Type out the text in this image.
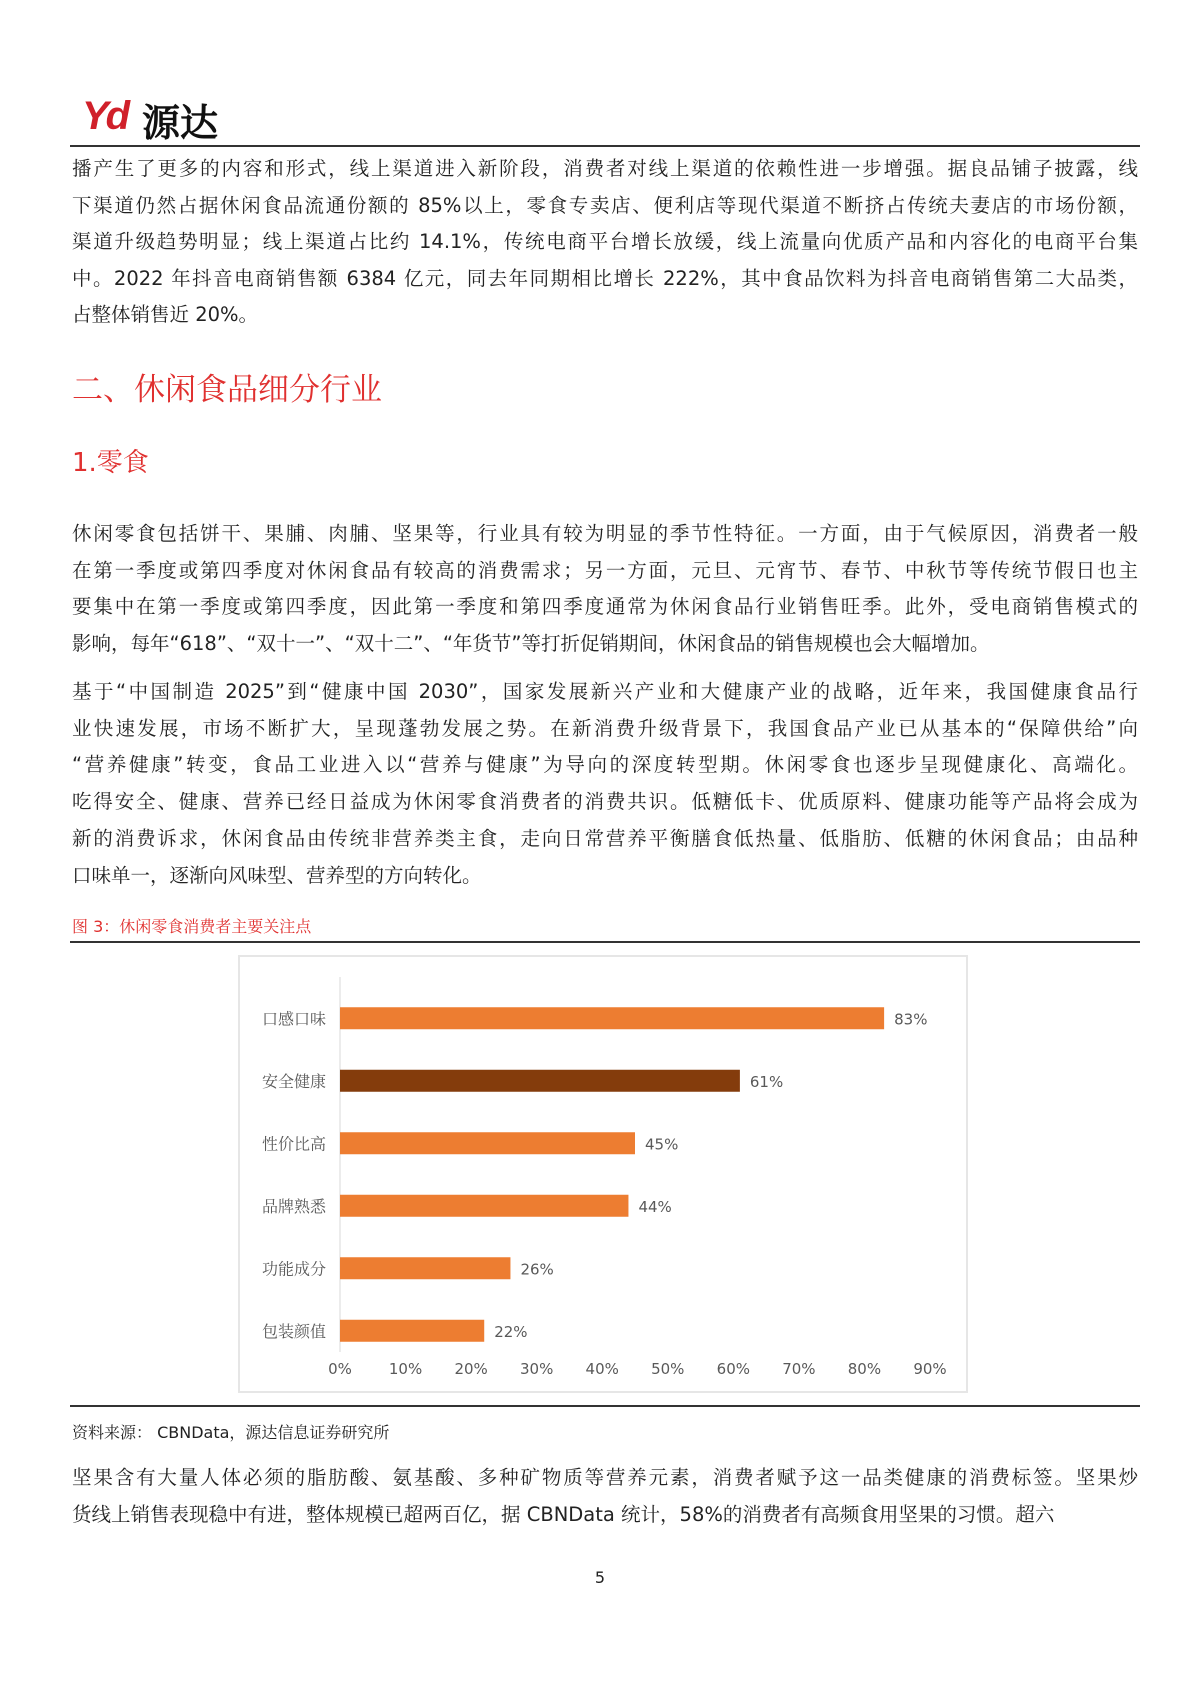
Yd 源达
播产生了更多的内容和形式，线上渠道进入新阶段，消费者对线上渠道的依赖性进一步增强。据良品铺子披露，线
下渠道仍然占据休闲食品流通份额的 85%以上，零食专卖店、便利店等现代渠道不断挤占传统夫妻店的市场份额，
渠道升级趋势明显；线上渠道占比约 14.1%，传统电商平台增长放缓，线上流量向优质产品和内容化的电商平台集
中。2022 年抖音电商销售额 6384 亿元，同去年同期相比增长 222%，其中食品饮料为抖音电商销售第二大品类，
占整体销售近 20%。
二、休闲食品细分行业
1.零食
休闲零食包括饼干、果脯、肉脯、坚果等，行业具有较为明显的季节性特征。一方面，由于气候原因，消费者一般
在第一季度或第四季度对休闲食品有较高的消费需求；另一方面，元旦、元宵节、春节、中秋节等传统节假日也主
要集中在第一季度或第四季度，因此第一季度和第四季度通常为休闲食品行业销售旺季。此外，受电商销售模式的
影响，每年“618”、“双十一”、“双十二”、“年货节”等打折促销期间，休闲食品的销售规模也会大幅增加。
基于“中国制造 2025”到“健康中国 2030”，国家发展新兴产业和大健康产业的战略，近年来，我国健康食品行
业快速发展，市场不断扩大，呈现蓬勃发展之势。在新消费升级背景下，我国食品产业已从基本的“保障供给”向
“营养健康”转变，食品工业进入以“营养与健康”为导向的深度转型期。休闲零食也逐步呈现健康化、高端化。
吃得安全、健康、营养已经日益成为休闲零食消费者的消费共识。低糖低卡、优质原料、健康功能等产品将会成为
新的消费诉求，休闲食品由传统非营养类主食，走向日常营养平衡膳食低热量、低脂肪、低糖的休闲食品；由品种
口味单一，逐渐向风味型、营养型的方向转化。
图 3：休闲零食消费者主要关注点
口感口味	83%
安全健康	61%
性价比高	45%
品牌熟悉	44%
功能成分	26%
包装颜值	22%
0% 10% 20% 30% 40% 50% 60% 70% 80% 90%
资料来源： CBNData，源达信息证券研究所
坚果含有大量人体必须的脂肪酸、氨基酸、多种矿物质等营养元素，消费者赋予这一品类健康的消费标签。坚果炒
货线上销售表现稳中有进，整体规模已超两百亿，据 CBNData 统计，58%的消费者有高频食用坚果的习惯。超六
5
